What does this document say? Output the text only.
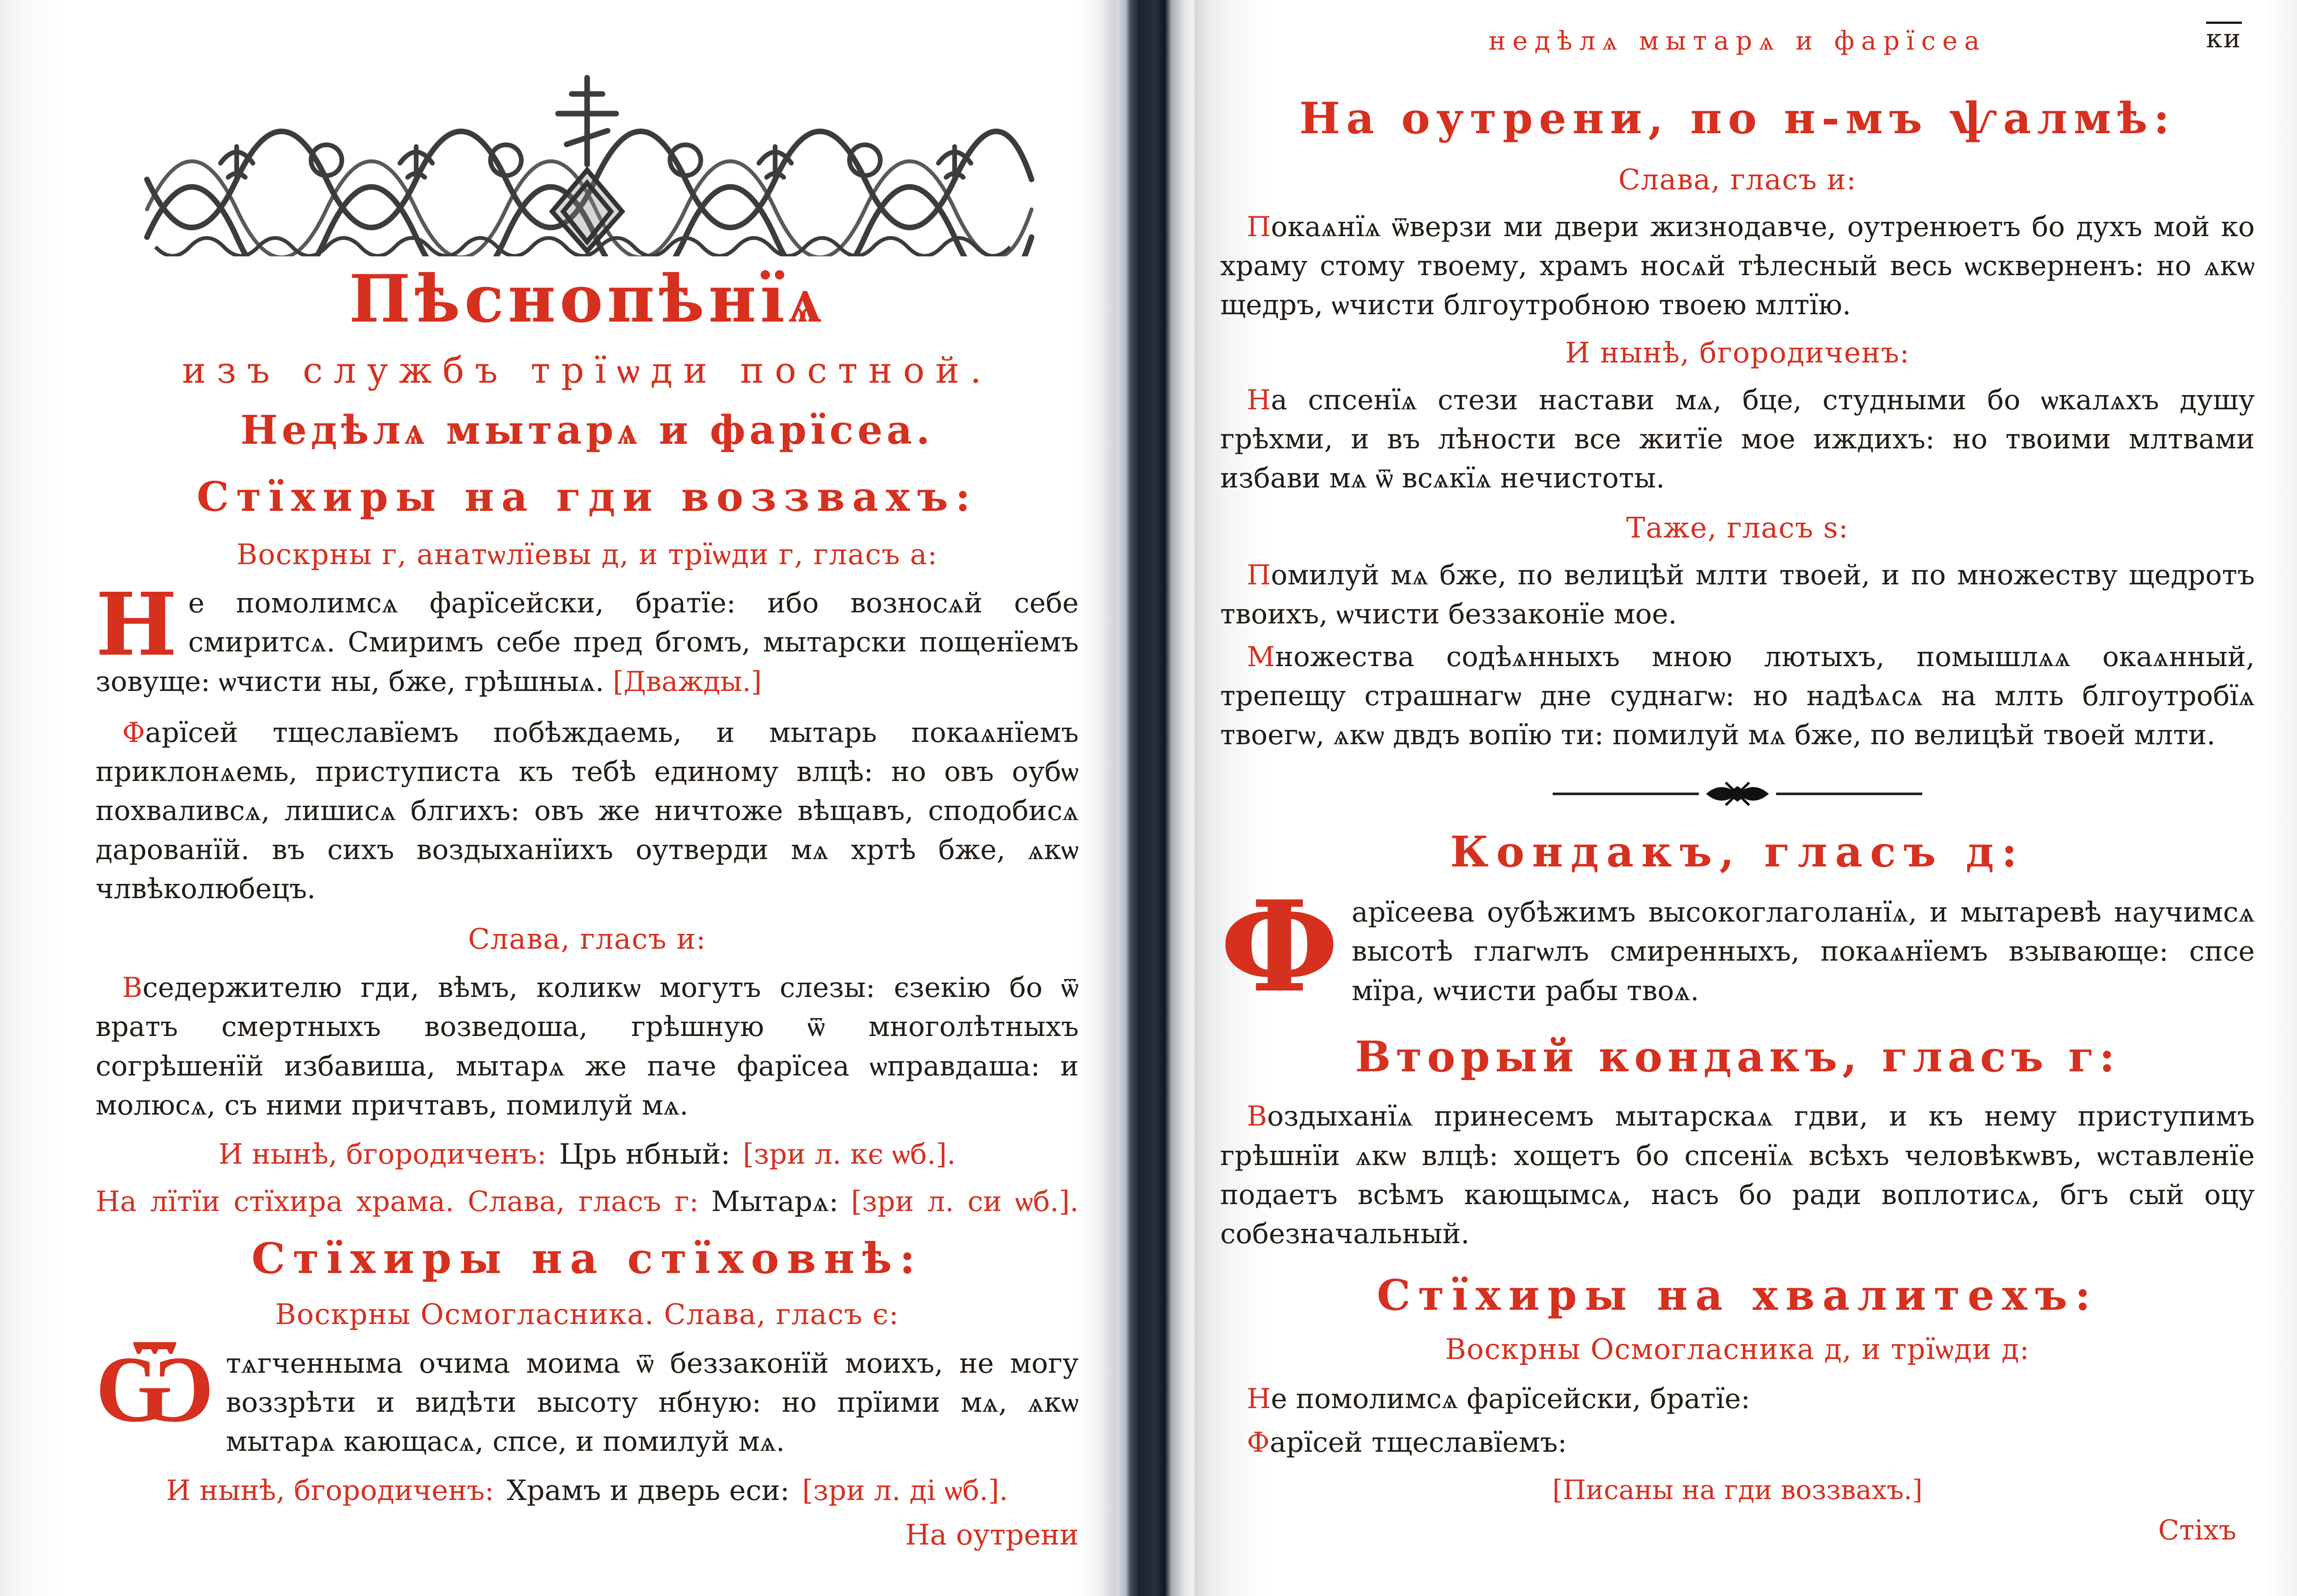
Пѣснопѣнїѧ
изъ службъ трїѡди постной.
Недѣлѧ мытарѧ и фарїсеа.
Стїхиры на гди воззвахъ:
Воскрны г, анатѡлїевы д, и трїѡди г, гласъ а:

Не помолимсѧ фарїсейски, братїе: ибо возносѧй себе смиритсѧ. Смиримъ себе пред бгомъ, мытарски пощенїемъ зовуще: ѡчисти ны, бже, грѣшныѧ. [Дважды.]

Фарїсей тщеславїемъ побѣждаемь, и мытарь покаѧнїемъ приклонѧемь, приступиста къ тебѣ единому влцѣ: но овъ оубѡ похваливсѧ, лишисѧ блгихъ: овъ же ничтоже вѣщавъ, сподобисѧ дарованїй. въ сихъ воздыханїихъ оутверди мѧ хртѣ бже, ѧкѡ члвѣколюбецъ.

Слава, гласъ и:

Вседержителю гди, вѣмъ, коликѡ могутъ слезы: єзекію бо ѿ вратъ смертныхъ возведоша, грѣшную ѿ многолѣтныхъ согрѣшенїй избавиша, мытарѧ же паче фарїсеа ѡправдаша: и молюсѧ, съ ними причтавъ, помилуй мѧ.

И нынѣ, бгородиченъ: Црь нбный: [зри л. кє ѡб.].
На лїтїи стїхира храма. Слава, гласъ г: Мытарѧ: [зри л. си ѡб.].
Стїхиры на стїховнѣ:
Воскрны Осмогласника. Слава, гласъ є:

Ѿтѧгченныма очима моима ѿ беззаконїй моихъ, не могу воззрѣти и видѣти высоту нбную: но прїими мѧ, ѧкѡ мытарѧ кающасѧ, спсе, и помилуй мѧ.

И нынѣ, бгородиченъ: Храмъ и дверь еси: [зри л. ді ѡб.].
На оутрени
недѣлѧ мытарѧ и фарїсеа	ки
На оутрени, по н-мъ ѱалмѣ:
Слава, гласъ и:

Покаѧнїѧ ѿверзи ми двери жизнодавче, оутренюетъ бо духъ мой ко храму стому твоему, храмъ носѧй тѣлесный весь ѡскверненъ: но ѧкѡ щедръ, ѡчисти блгоутробною твоею млтїю.

И нынѣ, бгородиченъ:

На спсенїѧ стези настави мѧ, бце, студными бо ѡкалѧхъ душу грѣхми, и въ лѣности все житїе мое иждихъ: но твоими млтвами избави мѧ ѿ всѧкїѧ нечистоты.

Таже, гласъ ѕ:

Помилуй мѧ бже, по велицѣй млти твоей, и по множеству щедротъ твоихъ, ѡчисти беззаконїе мое.

Множества содѣѧнныхъ мною лютыхъ, помышлѧѧ окаѧнный, трепещу страшнагѡ дне суднагѡ: но надѣѧсѧ на млть блгоутробїѧ твоегѡ, ѧкѡ двдъ вопїю ти: помилуй мѧ бже, по велицѣй твоей млти.

Кондакъ, гласъ д:

Фарїсеева оубѣжимъ высокоглаголанїѧ, и мытаревѣ научимсѧ высотѣ глагѡлъ смиренныхъ, покаѧнїемъ взывающе: спсе мїра, ѡчисти рабы твоѧ.

Вторый кондакъ, гласъ г:

Воздыханїѧ принесемъ мытарскаѧ гдви, и къ нему приступимъ грѣшнїи ѧкѡ влцѣ: хощетъ бо спсенїѧ всѣхъ человѣкѡвъ, ѡставленїе подаетъ всѣмъ кающымсѧ, насъ бо ради воплотисѧ, бгъ сый оцу собезначальный.

Стїхиры на хвалитехъ:
Воскрны Осмогласника д, и трїѡди д:

Не помолимсѧ фарїсейски, братїе:

Фарїсей тщеславїемъ:

[Писаны на гди воззвахъ.]
Стіхъ
